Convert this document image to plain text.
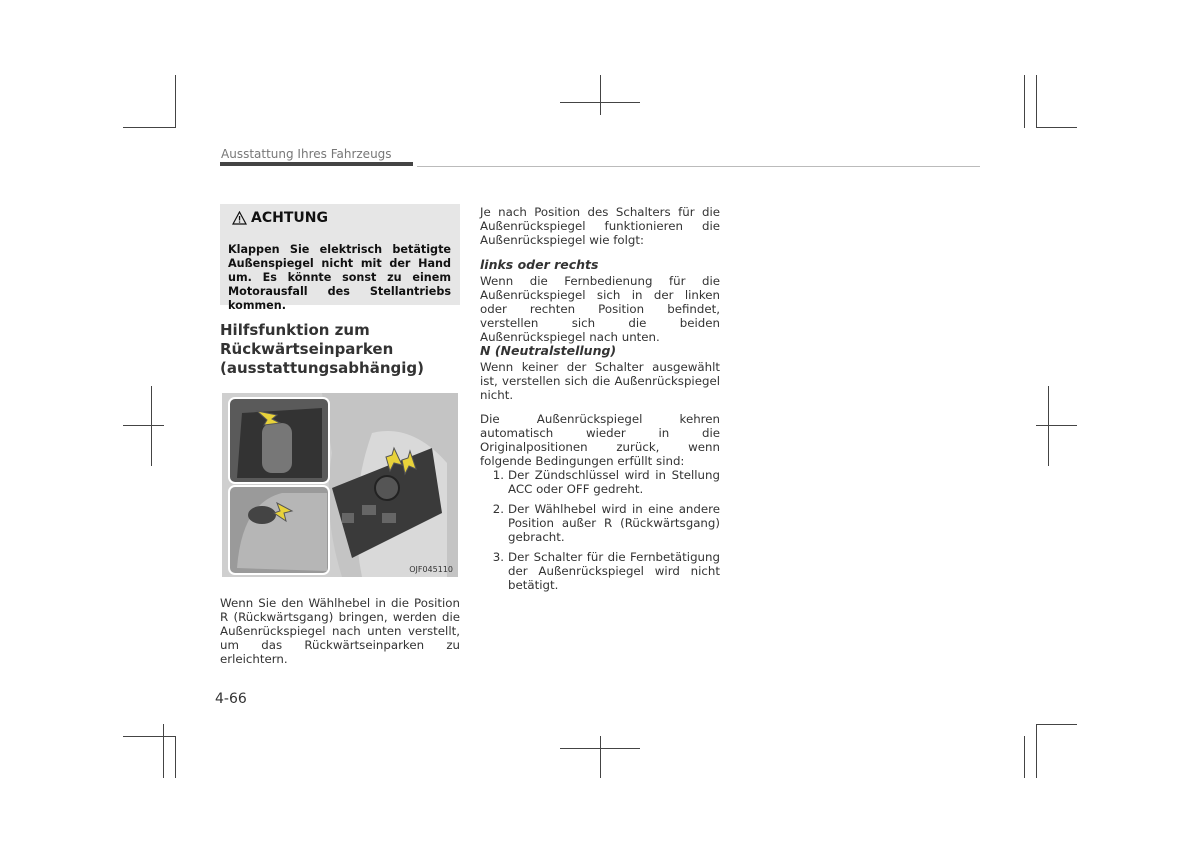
Ausstattung Ihres Fahrzeugs
ACHTUNG
Klappen Sie elektrisch betätigte Außenspiegel nicht mit der Hand um. Es könnte sonst zu einem Motorausfall des Stellantriebs kommen.
Hilfsfunktion zum
Rückwärtseinparken
(ausstattungsabhängig)
OJF045110
Wenn Sie den Wählhebel in die Position R (Rückwärtsgang) bringen, werden die Außenrückspiegel nach unten verstellt, um das Rückwärtseinparken zu erleichtern.
4-66

Je nach Position des Schalters für die Außenrückspiegel funktionieren die Außenrückspiegel wie folgt:

links oder rechts

Wenn die Fernbedienung für die Außenrückspiegel sich in der linken oder rechten Position befindet, verstellen sich die beiden Außenrückspiegel nach unten.

N (Neutralstellung)

Wenn keiner der Schalter ausgewählt ist, verstellen sich die Außenrückspiegel nicht.

Die Außenrückspiegel kehren automatisch wieder in die Originalpositionen zurück, wenn folgende Bedingungen erfüllt sind:

1. Der Zündschlüssel wird in Stellung ACC oder OFF gedreht.
2. Der Wählhebel wird in eine andere Position außer R (Rückwärtsgang) gebracht.
3. Der Schalter für die Fernbetätigung der Außenrückspiegel wird nicht betätigt.
